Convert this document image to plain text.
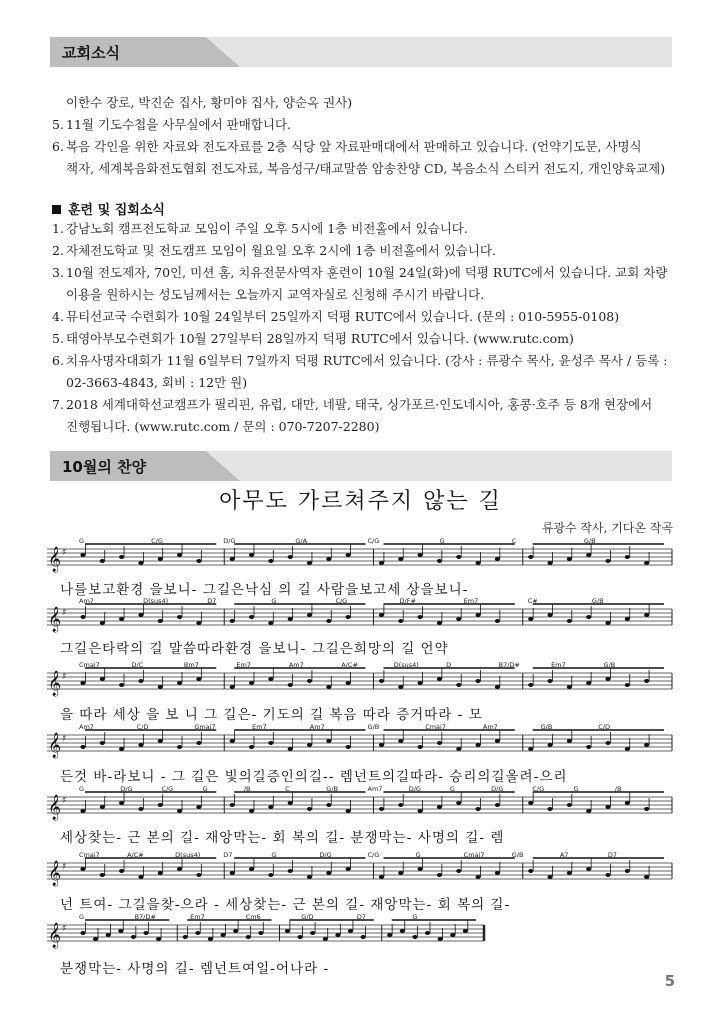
교회소식
이한수 장로, 박진순 집사, 황미야 집사, 양순옥 권사)
5. 11월 기도수첩을 사무실에서 판매합니다.
6. 복음 각인을 위한 자료와 전도자료를 2층 식당 앞 자료판매대에서 판매하고 있습니다. (언약기도문, 사명식
책자, 세계복음화전도협회 전도자료, 복음성구/태교말씀 암송찬양 CD, 복음소식 스티커 전도지, 개인양육교제)
훈련 및 집회소식
1. 강남노회 캠프전도학교 모임이 주일 오후 5시에 1층 비전홀에서 있습니다.
2. 자체전도학교 및 전도캠프 모임이 월요일 오후 2시에 1층 비전홀에서 있습니다.
3. 10월 전도제자, 70인, 미션 홈, 치유전문사역자 훈련이 10월 24일(화)에 덕평 RUTC에서 있습니다. 교회 차량
이용을 원하시는 성도님께서는 오늘까지 교역자실로 신청해 주시기 바랍니다.
4. 뮤티선교국 수련회가 10월 24일부터 25일까지 덕평 RUTC에서 있습니다. (문의 : 010-5955-0108)
5. 태영아부모수련회가 10월 27일부터 28일까지 덕평 RUTC에서 있습니다. (www.rutc.com)
6. 치유사명자대회가 11월 6일부터 7일까지 덕평 RUTC에서 있습니다. (강사 : 류광수 목사, 윤성주 목사 / 등록 :
02-3663-4843, 회비 : 12만 원)
7. 2018 세계대학선교캠프가 필리핀, 유럽, 대만, 네팔, 태국, 싱가포르·인도네시아, 홍콩·호주 등 8개 현장에서
진행됩니다. (www.rutc.com / 문의 : 070-7207-2280)
10월의 찬양
아무도 가르쳐주지 않는 길
류광수 작사, 기다온 작곡
𝄞 ♯
G	C/G	D/G	G/A	C/G	G	C	G/B
𝄞 ♯
Am7	D(sus4)	D7	G	C/G	D/F#	Em7	C#	G/B
𝄞 ♯
Cmaj7	D/C	Bm7	Em7	Am7	A/C#	D(sus4)	D	B7/D#	Em7	G/B
𝄞 ♯
Am7	C/D	Gmaj7	Em7	Am7	G/B	Cmaj7	Am7	G/B	C/D
𝄞 ♯
G	D/G	C/G	G	/B	C	G/B	Am7	D/G	G	D/G	C/G	G	/B
𝄞 ♯
Cmaj7	A/C#	D(sus4)	D7	G	D/G	C/G	G	Cmaj7	G/B	A7	D7
𝄞 ♯
G	B7/D#	Em7	Cm6	G/D	D7	G
나를보고환경 을보니- 그길은낙심 의 길 사람을보고세 상을보니-
그길은타락의 길 말씀따라환경 을보니- 그길은희망의 길 언약
을 따라 세상 을 보 니 그 길은- 기도의 길 복음 따라 증거따라 - 모
든것 바-라보니 - 그 길은 빛의길증인의길-- 렘넌트의길따라- 승리의길올려-으리
세상찾는- 근 본의 길- 재앙막는- 회 복의 길- 분쟁막는- 사명의 길- 렘
넌 트여- 그길을찾-으라 - 세상찾는- 근 본의 길- 재앙막는- 회 복의 길-
분쟁막는- 사명의 길- 렘넌트여일-어나라 -
5
